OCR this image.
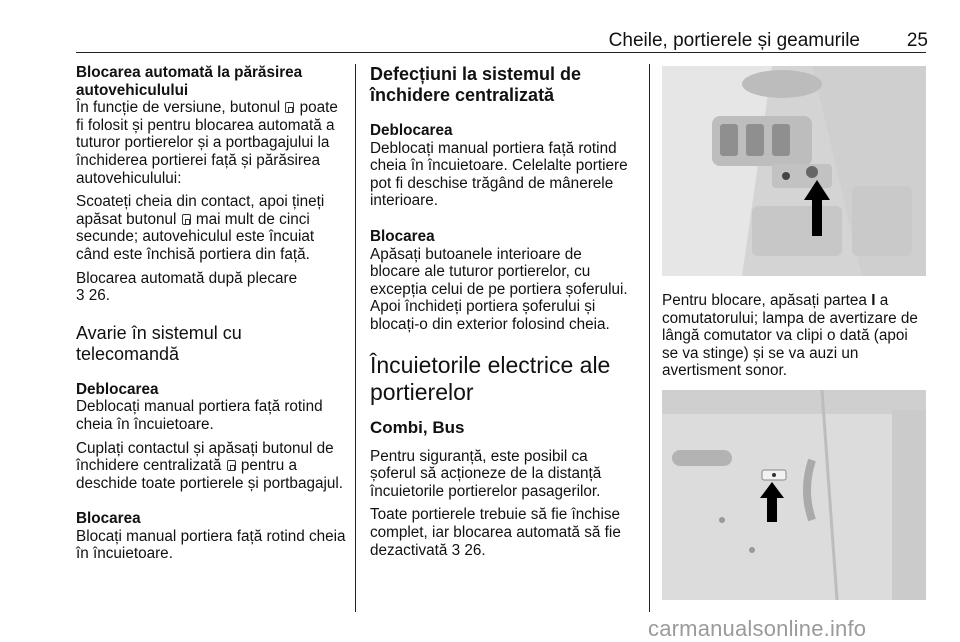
Cheile, portierele și geamurile	25
Blocarea automată la părăsirea
autovehiculului

În funcție de versiune, butonul poate fi folosit și pentru blocarea automată a tuturor portierelor și a portbagajului la închiderea portierei față și părăsirea autovehiculului:

Scoateți cheia din contact, apoi țineți apăsat butonul mai mult de cinci secunde; autovehiculul este încuiat când este închisă portiera din față.

Blocarea automată după plecare
3 26.

Avarie în sistemul cu
telecomandă
Deblocarea

Deblocați manual portiera față rotind cheia în încuietoare.

Cuplați contactul și apăsați butonul de închidere centralizată pentru a deschide toate portierele și portbagajul.

Blocarea

Blocați manual portiera față rotind cheia în încuietoare.

Defecțiuni la sistemul de
închidere centralizată
Deblocarea

Deblocați manual portiera față rotind cheia în încuietoare. Celelalte portiere pot fi deschise trăgând de mânerele interioare.

Blocarea

Apăsați butoanele interioare de blocare ale tuturor portierelor, cu excepția celui de pe portiera șoferului. Apoi închideți portiera șoferului și blocați-o din exterior folosind cheia.

Încuietorile electrice ale
portierelor
Combi, Bus

Pentru siguranță, este posibil ca șoferul să acționeze de la distanță încuietorile portierelor pasagerilor.

Toate portierele trebuie să fie închise complet, iar blocarea automată să fie dezactivată 3 26.

Pentru blocare, apăsați partea I a comutatorului; lampa de avertizare de lângă comutator va clipi o dată (apoi se va stinge) și se va auzi un avertisment sonor.
carmanualsonline.info
